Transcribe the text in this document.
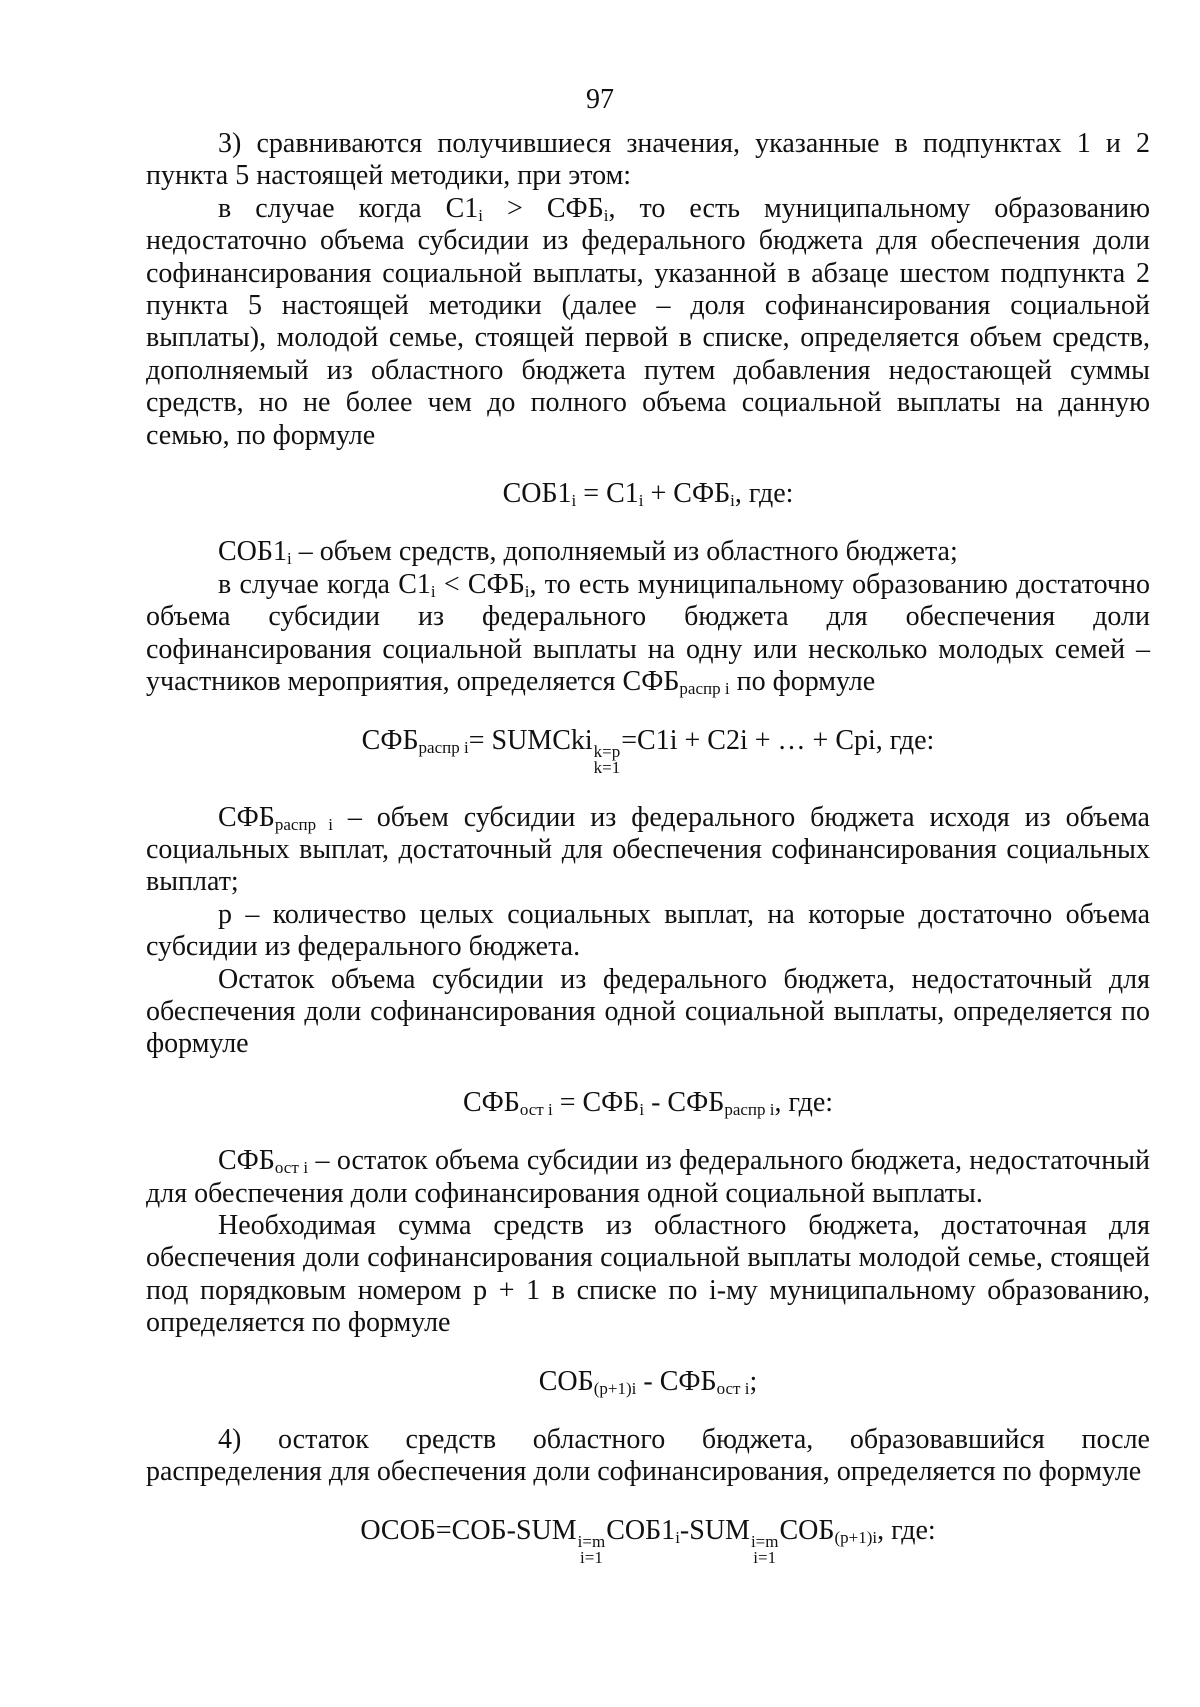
97

3) сравниваются получившиеся значения, указанные в подпунктах 1 и 2 пункта 5 настоящей методики, при этом:

в случае когда $С1_i > СФБ_i$, то есть муниципальному образованию недостаточно объема субсидии из федерального бюджета для обеспечения доли софинансирования социальной выплаты, указанной в абзаце шестом подпункта 2 пункта 5 настоящей методики (далее – доля софинансирования социальной выплаты), молодой семье, стоящей первой в списке, определяется объем средств, дополняемый из областного бюджета путем добавления недостающей суммы средств, но не более чем до полного объема социальной выплаты на данную семью, по формуле

$СОБ1_i = С1_i + СФБ_i$, где:

$СОБ1_i$ – объем средств, дополняемый из областного бюджета;

в случае когда $С1_i < СФБ_i$, то есть муниципальному образованию достаточно объема субсидии из федерального бюджета для обеспечения доли софинансирования социальной выплаты на одну или несколько молодых семей – участников мероприятия, определяется $СФБ_{распр i}$ по формуле

$СФБ_{распр i}=$ SUMCki k=p
k=1
=C1i + C2i + … + Cpi, где:

$СФБ_{распр i}$ – объем субсидии из федерального бюджета исходя из объема социальных выплат, достаточный для обеспечения софинансирования социальных выплат;

p – количество целых социальных выплат, на которые достаточно объема субсидии из федерального бюджета.

Остаток объема субсидии из федерального бюджета, недостаточный для обеспечения доли софинансирования одной социальной выплаты, определяется по формуле

$СФБ_{ост i} = СФБ_i - СФБ_{распр i}$, где:

$СФБ_{ост i}$ – остаток объема субсидии из федерального бюджета, недостаточный для обеспечения доли софинансирования одной социальной выплаты.

Необходимая сумма средств из областного бюджета, достаточная для обеспечения доли софинансирования социальной выплаты молодой семье, стоящей под порядковым номером p + 1 в списке по i-му муниципальному образованию, определяется по формуле

$СОБ_{(p+1)i} - СФБ_{ост i}$;

4) остаток средств областного бюджета, образовавшийся после распределения для обеспечения доли софинансирования, определяется по формуле

ОСОБ=СОБ-SUM i=m
i=1
$СОБ1_i$-SUM i=m
i=1
$СОБ_{(p+1)i}$, где:
